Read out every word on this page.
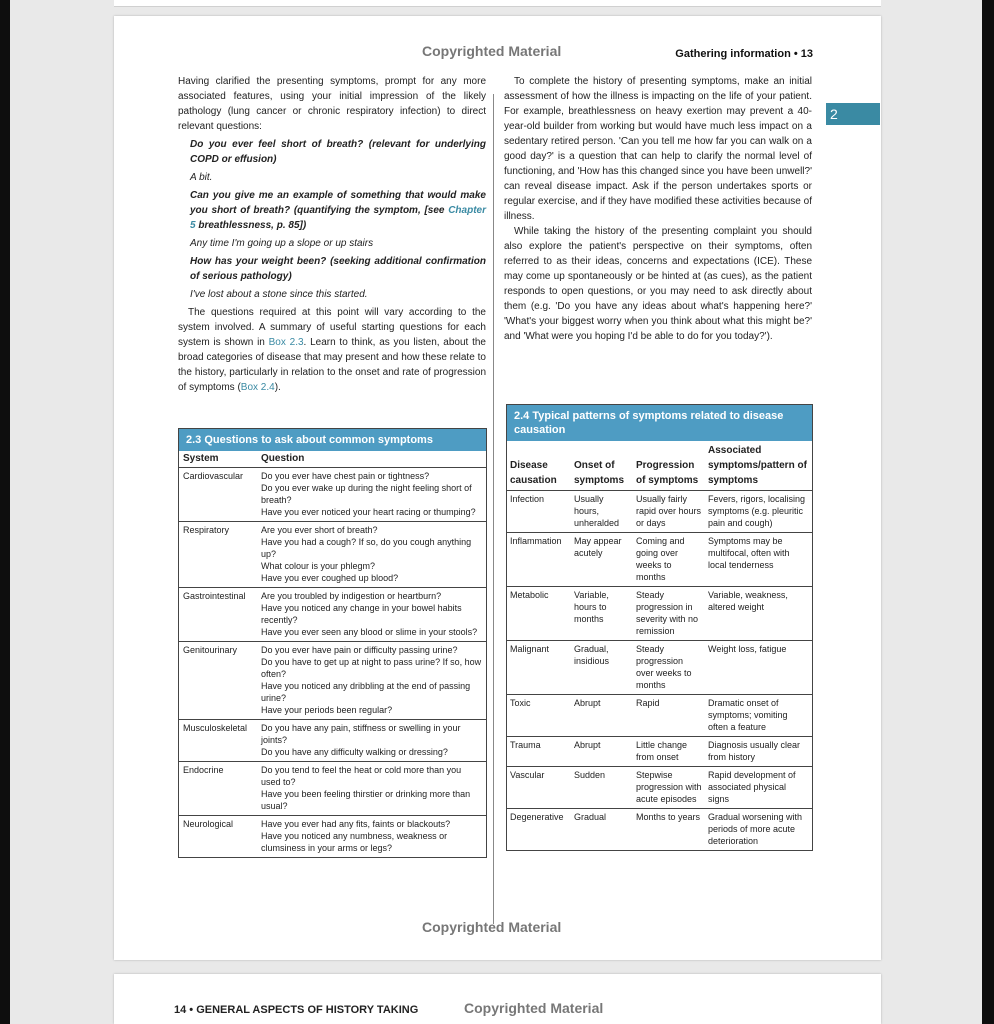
Copyrighted Material	Gathering information • 13

Having clarified the presenting symptoms, prompt for any more associated features, using your initial impression of the likely pathology (lung cancer or chronic respiratory infection) to direct relevant questions:

Do you ever feel short of breath? (relevant for underlying COPD or effusion)

A bit.

Can you give me an example of something that would make you short of breath? (quantifying the symptom, [see Chapter 5 breathlessness, p. 85])

Any time I'm going up a slope or up stairs

How has your weight been? (seeking additional confirmation of serious pathology)

I've lost about a stone since this started.

The questions required at this point will vary according to the system involved. A summary of useful starting questions for each system is shown in Box 2.3. Learn to think, as you listen, about the broad categories of disease that may present and how these relate to the history, particularly in relation to the onset and rate of progression of symptoms (Box 2.4).

To complete the history of presenting symptoms, make an initial assessment of how the illness is impacting on the life of your patient. For example, breathlessness on heavy exertion may prevent a 40-year-old builder from working but would have much less impact on a sedentary retired person. 'Can you tell me how far you can walk on a good day?' is a question that can help to clarify the normal level of functioning, and 'How has this changed since you have been unwell?' can reveal disease impact. Ask if the person undertakes sports or regular exercise, and if they have modified these activities because of illness.

While taking the history of the presenting complaint you should also explore the patient's perspective on their symptoms, often referred to as their ideas, concerns and expectations (ICE). These may come up spontaneously or be hinted at (as cues), as the patient responds to open questions, or you may need to ask directly about them (e.g. 'Do you have any ideas about what's happening here?' 'What's your biggest worry when you think about what this might be?' and 'What were you hoping I'd be able to do for you today?').

2.3 Questions to ask about common symptoms
System	Question
Cardiovascular	Do you ever have chest pain or tightness?
Do you ever wake up during the night feeling short of breath?
Have you ever noticed your heart racing or thumping?

Respiratory	Are you ever short of breath?
Have you had a cough? If so, do you cough anything up?
What colour is your phlegm?
Have you ever coughed up blood?

Gastrointestinal	Are you troubled by indigestion or heartburn?
Have you noticed any change in your bowel habits recently?
Have you ever seen any blood or slime in your stools?

Genitourinary	Do you ever have pain or difficulty passing urine?
Do you have to get up at night to pass urine? If so, how often?
Have you noticed any dribbling at the end of passing urine?
Have your periods been regular?

Musculoskeletal	Do you have any pain, stiffness or swelling in your joints?
Do you have any difficulty walking or dressing?

Endocrine	Do you tend to feel the heat or cold more than you used to?
Have you been feeling thirstier or drinking more than usual?

Neurological	Have you ever had any fits, faints or blackouts?
Have you noticed any numbness, weakness or clumsiness in your arms or legs?
2.4 Typical patterns of symptoms related to disease causation
Disease causation	Onset of symptoms	Progression of symptoms	Associated symptoms/pattern of symptoms
Infection	Usually hours, unheralded	Usually fairly rapid over hours or days	Fevers, rigors, localising symptoms (e.g. pleuritic pain and cough)
Inflammation	May appear acutely	Coming and going over weeks to months	Symptoms may be multifocal, often with local tenderness
Metabolic	Variable, hours to months	Steady progression in severity with no remission	Variable, weakness, altered weight
Malignant	Gradual, insidious	Steady progression over weeks to months	Weight loss, fatigue
Toxic	Abrupt	Rapid	Dramatic onset of symptoms; vomiting often a feature
Trauma	Abrupt	Little change from onset	Diagnosis usually clear from history
Vascular	Sudden	Stepwise progression with acute episodes	Rapid development of associated physical signs
Degenerative	Gradual	Months to years	Gradual worsening with periods of more acute deterioration
Copyrighted Material
2
14 • GENERAL ASPECTS OF HISTORY TAKING	Copyrighted Material
